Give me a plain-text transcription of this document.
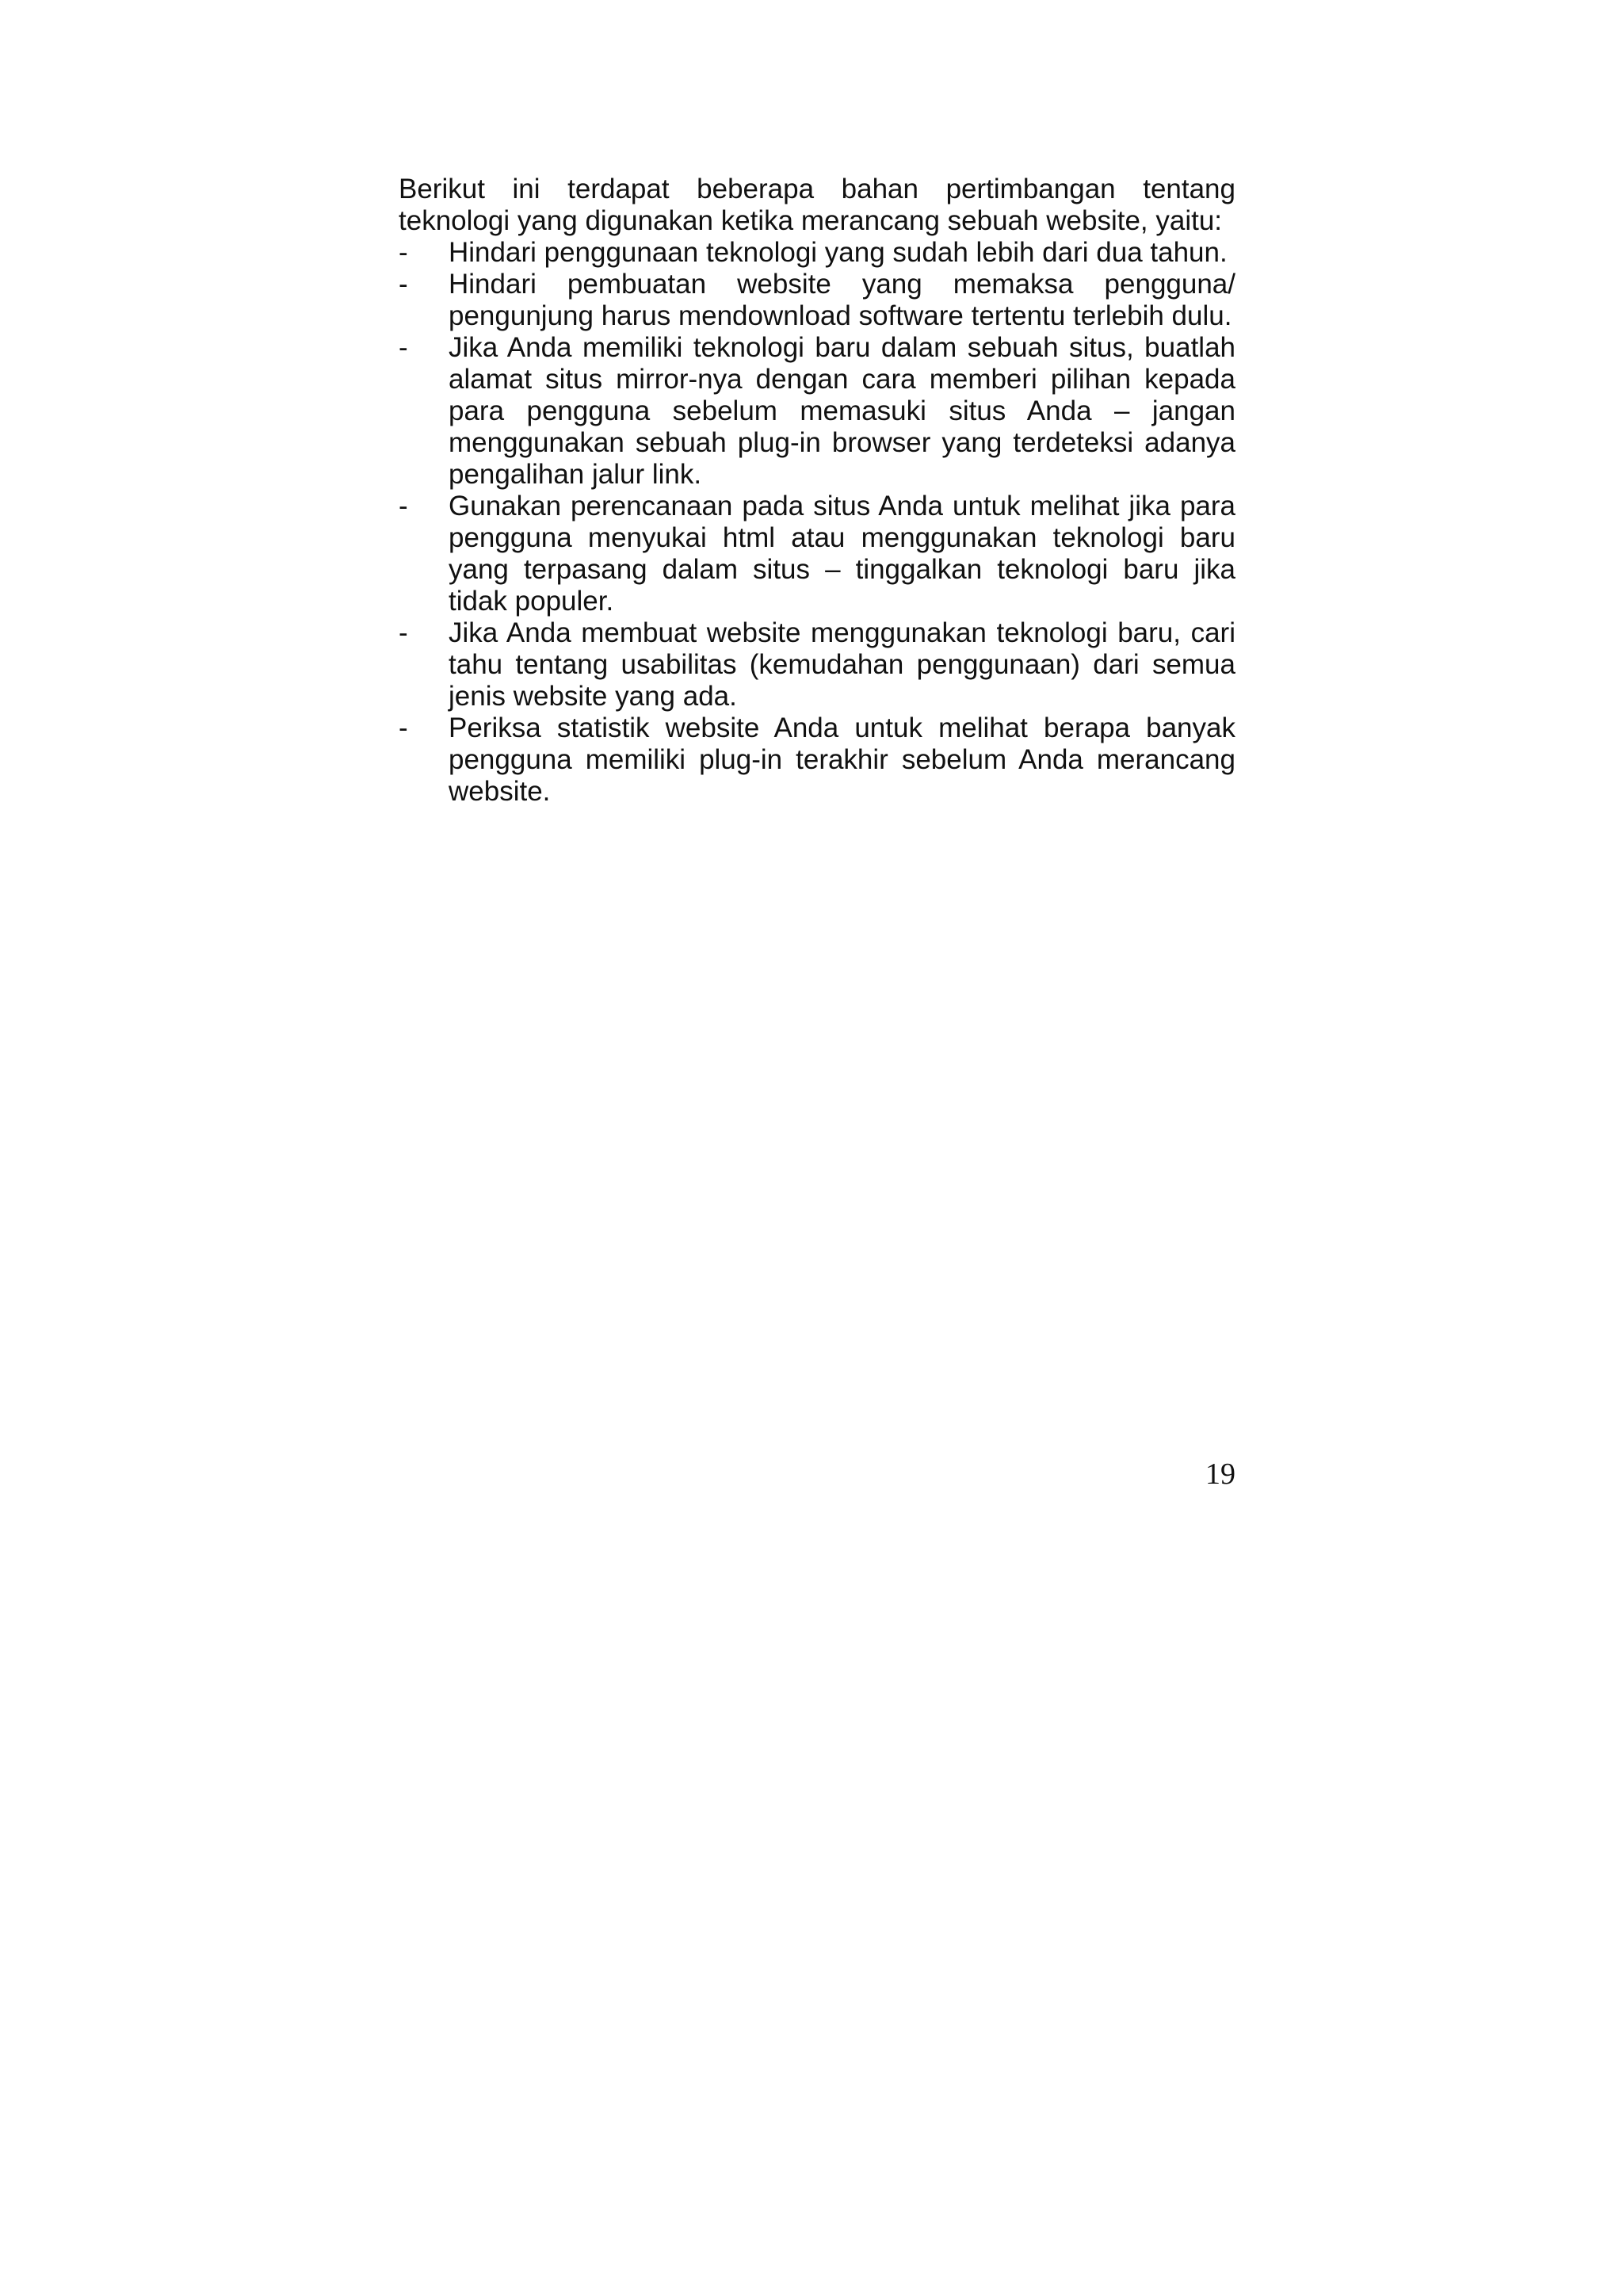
Berikut ini terdapat beberapa bahan pertimbangan tentang teknologi yang digunakan ketika merancang sebuah website, yaitu:

-	Hindari penggunaan teknologi yang sudah lebih dari dua tahun.
-	Hindari pembuatan website yang memaksa pengguna/ pengunjung harus mendownload software tertentu terlebih dulu.
-	Jika Anda memiliki teknologi baru dalam sebuah situs, buatlah alamat situs mirror-nya dengan cara memberi pilihan kepada para pengguna sebelum memasuki situs Anda – jangan menggunakan sebuah plug-in browser yang terdeteksi adanya pengalihan jalur link.
-	Gunakan perencanaan pada situs Anda untuk melihat jika para pengguna menyukai html atau menggunakan teknologi baru yang terpasang dalam situs – tinggalkan teknologi baru jika tidak populer.
-	Jika Anda membuat website menggunakan teknologi baru, cari tahu tentang usabilitas (kemudahan penggunaan) dari semua jenis website yang ada.
-	Periksa statistik website Anda untuk melihat berapa banyak pengguna memiliki plug-in terakhir sebelum Anda merancang website.
19
